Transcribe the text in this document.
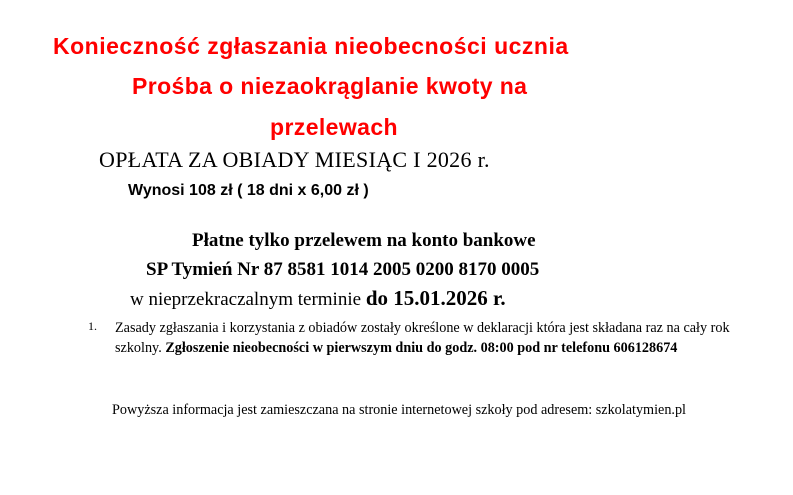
Konieczność zgłaszania nieobecności ucznia
Prośba o niezaokrąglanie kwoty na
przelewach
OPŁATA ZA OBIADY MIESIĄC I 2026 r.
Wynosi 108 zł ( 18 dni x 6,00 zł )
Płatne tylko przelewem na konto bankowe
SP Tymień Nr 87 8581 1014 2005 0200 8170 0005
w nieprzekraczalnym terminie do 15.01.2026 r.
1. Zasady zgłaszania i korzystania z obiadów zostały określone w deklaracji która jest składana raz na cały rok szkolny. Zgłoszenie nieobecności w pierwszym dniu do godz. 08:00 pod nr telefonu 606128674
Powyższa informacja jest zamieszczana na stronie internetowej szkoły pod adresem: szkolatymien.pl
